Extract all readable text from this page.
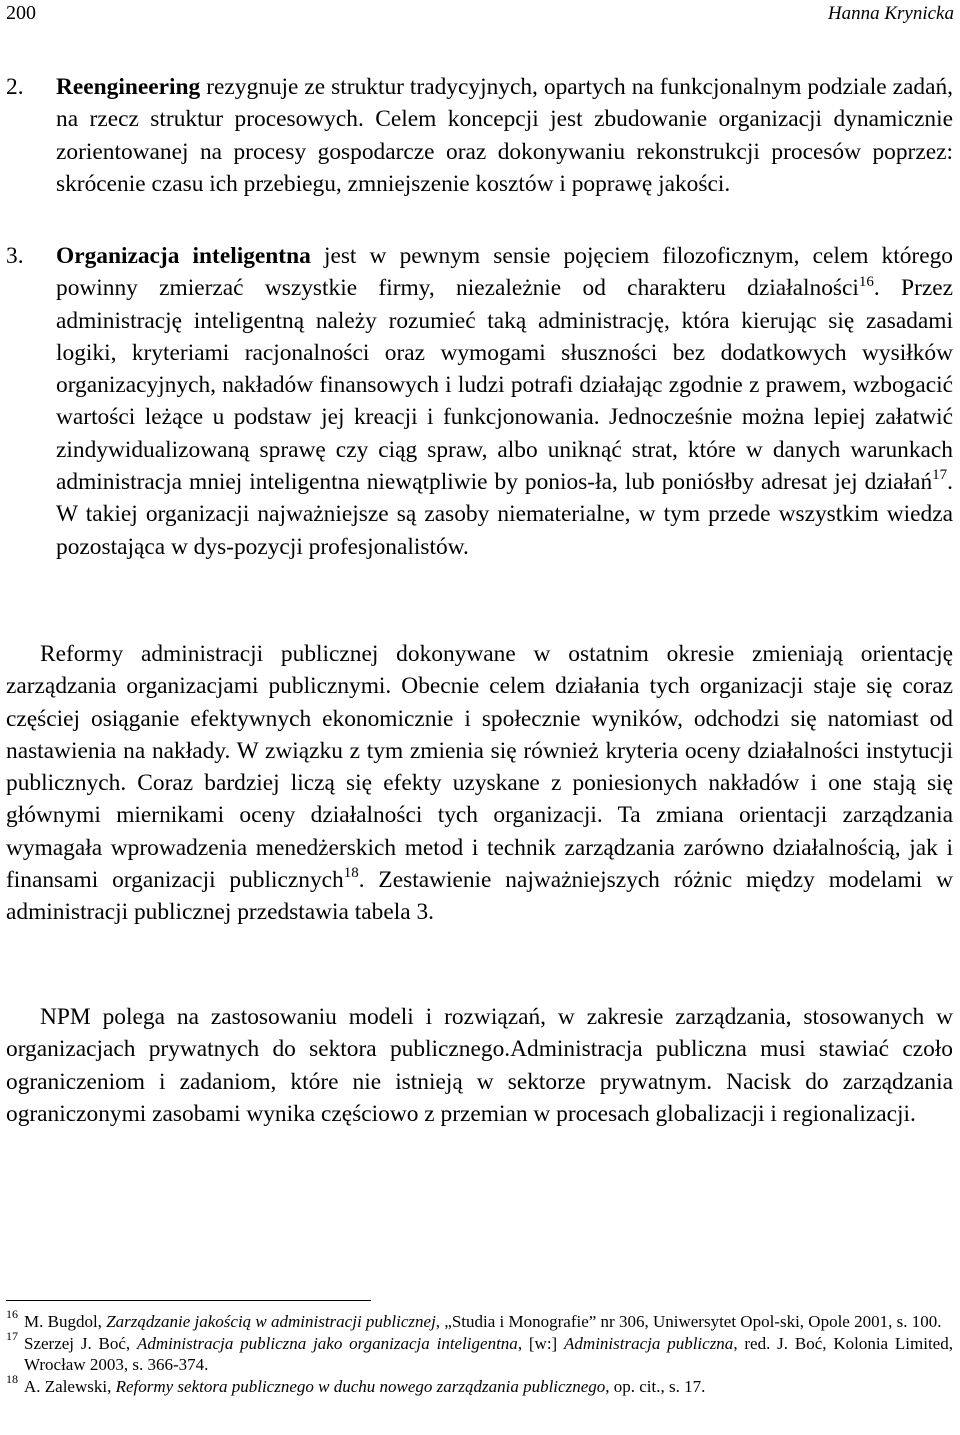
200	Hanna Krynicka
2. Reengineering rezygnuje ze struktur tradycyjnych, opartych na funkcjonalnym podziale zadań, na rzecz struktur procesowych. Celem koncepcji jest zbudowanie organizacji dynamicznie zorientowanej na procesy gospodarcze oraz dokonywaniu rekonstrukcji procesów poprzez: skrócenie czasu ich przebiegu, zmniejszenie kosztów i poprawę jakości.
3. Organizacja inteligentna jest w pewnym sensie pojęciem filozoficznym, celem którego powinny zmierzać wszystkie firmy, niezależnie od charakteru działalności$^{16}$. Przez administrację inteligentną należy rozumieć taką administrację, która kierując się zasadami logiki, kryteriami racjonalności oraz wymogami słuszności bez dodatkowych wysiłków organizacyjnych, nakładów finansowych i ludzi potrafi działając zgodnie z prawem, wzbogacić wartości leżące u podstaw jej kreacji i funkcjonowania. Jednocześnie można lepiej załatwić zindywidualizowaną sprawę czy ciąg spraw, albo uniknąć strat, które w danych warunkach administracja mniej inteligentna niewątpliwie by ponios-ła, lub poniósłby adresat jej działań$^{17}$. W takiej organizacji najważniejsze są zasoby niematerialne, w tym przede wszystkim wiedza pozostająca w dys-pozycji profesjonalistów.

Reformy administracji publicznej dokonywane w ostatnim okresie zmieniają orientację zarządzania organizacjami publicznymi. Obecnie celem działania tych organizacji staje się coraz częściej osiąganie efektywnych ekonomicznie i społecznie wyników, odchodzi się natomiast od nastawienia na nakłady. W związku z tym zmienia się również kryteria oceny działalności instytucji publicznych. Coraz bardziej liczą się efekty uzyskane z poniesionych nakładów i one stają się głównymi miernikami oceny działalności tych organizacji. Ta zmiana orientacji zarządzania wymagała wprowadzenia menedżerskich metod i technik zarządzania zarówno działalnością, jak i finansami organizacji publicznych$^{18}$. Zestawienie najważniejszych różnic między modelami w administracji publicznej przedstawia tabela 3.

NPM polega na zastosowaniu modeli i rozwiązań, w zakresie zarządzania, stosowanych w organizacjach prywatnych do sektora publicznego.Administracja publiczna musi stawiać czoło ograniczeniom i zadaniom, które nie istnieją w sektorze prywatnym. Nacisk do zarządzania ograniczonymi zasobami wynika częściowo z przemian w procesach globalizacji i regionalizacji.

16 M. Bugdol, Zarządzanie jakością w administracji publicznej, „Studia i Monografie” nr 306, Uniwersytet Opol-ski, Opole 2001, s. 100.
17 Szerzej J. Boć, Administracja publiczna jako organizacja inteligentna, [w:] Administracja publiczna, red. J. Boć, Kolonia Limited, Wrocław 2003, s. 366-374.
18 A. Zalewski, Reformy sektora publicznego w duchu nowego zarządzania publicznego, op. cit., s. 17.
